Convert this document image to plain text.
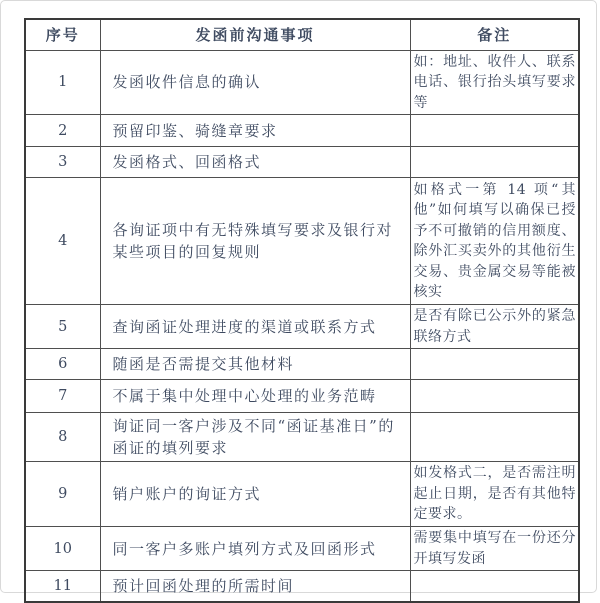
序号	发函前沟通事项	备注
1	发函收件信息的确认	如：地址、收件人、联系电话、银行抬头填写要求等
2	预留印鉴、骑缝章要求	
3	发函格式、回函格式	
4	各询证项中有无特殊填写要求及银行对某些项目的回复规则	如格式一第 14 项“其他”如何填写以确保已授予不可撤销的信用额度、除外汇买卖外的其他衍生交易、贵金属交易等能被核实
5	查询函证处理进度的渠道或联系方式	是否有除已公示外的紧急联络方式
6	随函是否需提交其他材料	
7	不属于集中处理中心处理的业务范畴	
8	询证同一客户涉及不同“函证基准日”的函证的填列要求	
9	销户账户的询证方式	如发格式二，是否需注明起止日期，是否有其他特定要求。
10	同一客户多账户填列方式及回函形式	需要集中填写在一份还分开填写发函
11	预计回函处理的所需时间	
